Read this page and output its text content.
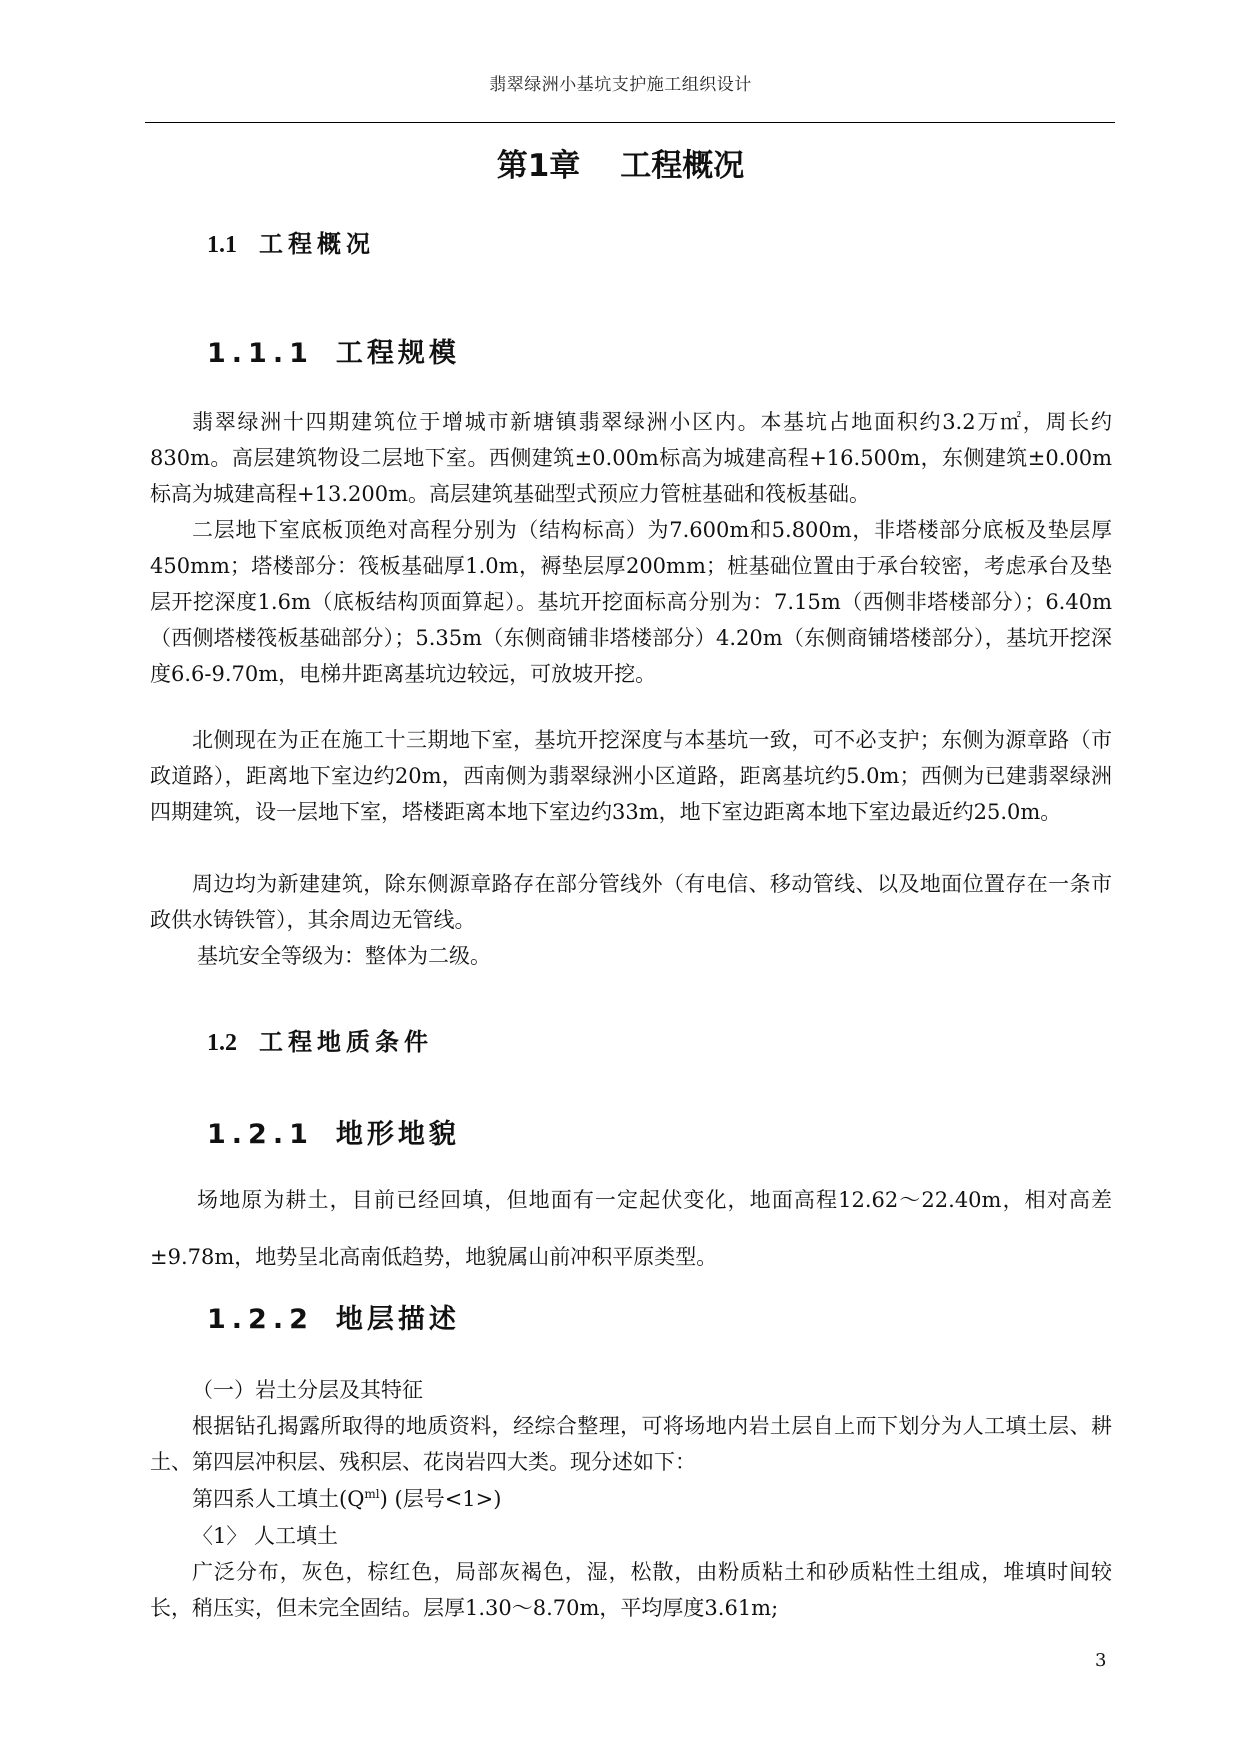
翡翠绿洲小基坑支护施工组织设计
第1章 工程概况
1.1 工程概况
1.1.1 工程规模

翡翠绿洲十四期建筑位于增城市新塘镇翡翠绿洲小区内。本基坑占地面积约3.2万㎡，周长约830m。高层建筑物设二层地下室。西侧建筑±0.00m标高为城建高程+16.500m，东侧建筑±0.00m标高为城建高程+13.200m。高层建筑基础型式预应力管桩基础和筏板基础。

二层地下室底板顶绝对高程分别为（结构标高）为7.600m和5.800m，非塔楼部分底板及垫层厚450mm；塔楼部分：筏板基础厚1.0m，褥垫层厚200mm；桩基础位置由于承台较密，考虑承台及垫层开挖深度1.6m（底板结构顶面算起）。基坑开挖面标高分别为：7.15m（西侧非塔楼部分）；6.40m（西侧塔楼筏板基础部分）；5.35m（东侧商铺非塔楼部分）4.20m（东侧商铺塔楼部分），基坑开挖深度6.6-9.70m，电梯井距离基坑边较远，可放坡开挖。

北侧现在为正在施工十三期地下室，基坑开挖深度与本基坑一致，可不必支护；东侧为源章路（市政道路），距离地下室边约20m，西南侧为翡翠绿洲小区道路，距离基坑约5.0m；西侧为已建翡翠绿洲四期建筑，设一层地下室，塔楼距离本地下室边约33m，地下室边距离本地下室边最近约25.0m。

周边均为新建建筑，除东侧源章路存在部分管线外（有电信、移动管线、以及地面位置存在一条市政供水铸铁管），其余周边无管线。

基坑安全等级为：整体为二级。

1.2 工程地质条件
1.2.1 地形地貌

场地原为耕土，目前已经回填，但地面有一定起伏变化，地面高程12.62～22.40m，相对高差±9.78m，地势呈北高南低趋势，地貌属山前冲积平原类型。

1.2.2 地层描述
（一）岩土分层及其特征

根据钻孔揭露所取得的地质资料，经综合整理，可将场地内岩土层自上而下划分为人工填土层、耕土、第四层冲积层、残积层、花岗岩四大类。现分述如下：

第四系人工填土$(Q^{ml})$ (层号<1>)
〈1〉 人工填土

广泛分布，灰色，棕红色，局部灰褐色，湿，松散，由粉质粘土和砂质粘性土组成，堆填时间较长，稍压实，但未完全固结。层厚1.30～8.70m，平均厚度3.61m;

3
